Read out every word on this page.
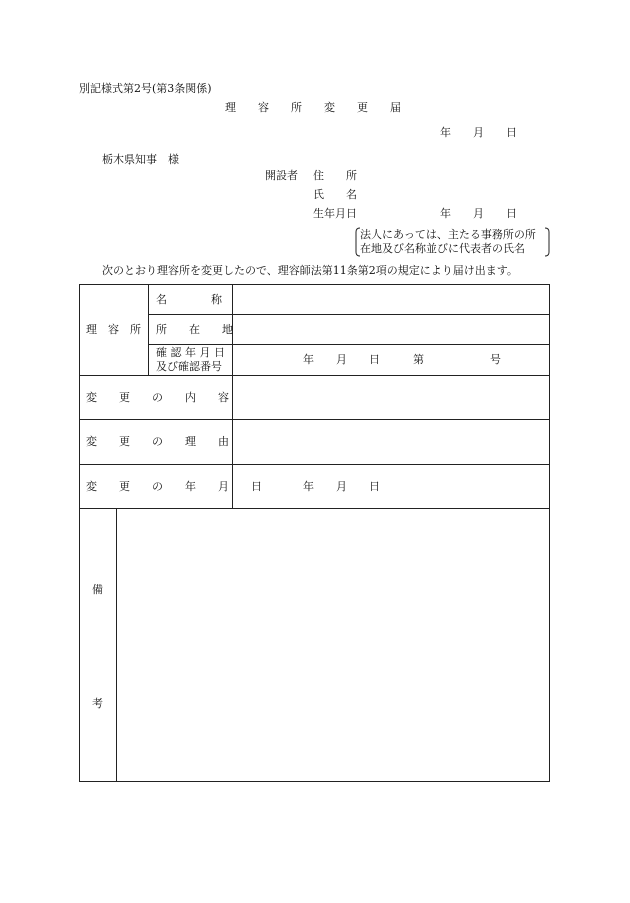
別記様式第2号(第3条関係)
理　　容　　所　　変　　更　　届
年　　月　　日
栃木県知事　様
開設者 住　　所
氏　　名
生年月日	年　　月　　日
法人にあっては、主たる事務所の所
在地及び名称並びに代表者の氏名
次のとおり理容所を変更したので、理容師法第11条第2項の規定により届け出ます。
理　容　所
名　　　　称
所　　在　　地
確 認 年 月 日
及び確認番号
年　　月　　日　　　第　　　　　　号
変　　更　　の　　内　　容
変　　更　　の　　理　　由
変　　更　　の　　年　　月　　日	年　　月　　日
備
考
